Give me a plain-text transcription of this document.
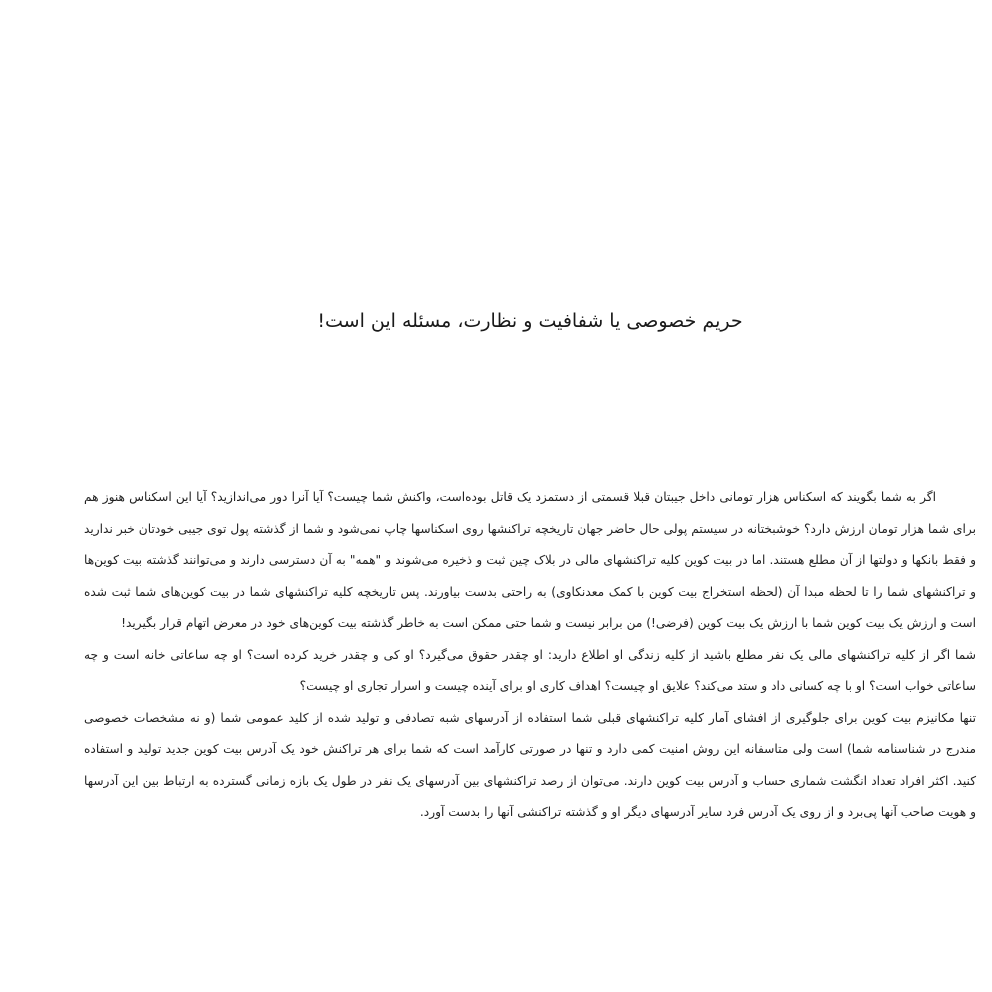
حریم خصوصی یا شفافیت و نظارت، مسئله این است!

اگر به شما بگویند که اسکناس هزار تومانی داخل جیبتان قبلا قسمتی از دستمزد یک قاتل بوده‌است، واکنش شما چیست؟ آیا آنرا دور می‌اندازید؟ آیا این اسکناس هنوز هم برای شما هزار تومان ارزش دارد؟ خوشبختانه در سیستم پولی حال حاضر جهان تاریخچه تراکنشها روی اسکناسها چاپ نمی‌شود و شما از گذشته پول توی جیبی خودتان خبر ندارید و فقط بانکها و دولتها از آن مطلع هستند. اما در بیت کوین کلیه تراکنشهای مالی در بلاک چین ثبت و ذخیره می‌شوند و "همه" به آن دسترسی دارند و می‌توانند گذشته بیت کوین‌ها و تراکنشهای شما را تا لحظه مبدا آن (لحظه استخراج بیت کوین با کمک معدنکاوی) به راحتی بدست بیاورند. پس تاریخچه کلیه تراکنشهای شما در بیت کوین‌های شما ثبت شده است و ارزش یک بیت کوین شما با ارزش یک بیت کوین (فرضی!) من برابر نیست و شما حتی ممکن است به خاطر گذشته بیت کوین‌های خود در معرض اتهام قرار بگیرید!

شما اگر از کلیه تراکنشهای مالی یک نفر مطلع باشید از کلیه زندگی او اطلاع دارید: او چقدر حقوق می‌گیرد؟ او کی و چقدر خرید کرده است؟ او چه ساعاتی خانه است و چه ساعاتی خواب است؟ او با چه کسانی داد و ستد می‌کند؟ علایق او چیست؟ اهداف کاری او برای آینده چیست و اسرار تجاری او چیست؟

تنها مکانیزم بیت کوین برای جلوگیری از افشای آمار کلیه تراکنشهای قبلی شما استفاده از آدرسهای شبه تصادفی و تولید شده از کلید عمومی شما (و نه مشخصات خصوصی مندرج در شناسنامه شما) است ولی متاسفانه این روش امنیت کمی دارد و تنها در صورتی کارآمد است که شما برای هر تراکنش خود یک آدرس بیت کوین جدید تولید و استفاده کنید. اکثر افراد تعداد انگشت شماری حساب و آدرس بیت کوین دارند. می‌توان از رصد تراکنشهای بین آدرسهای یک نفر در طول یک بازه زمانی گسترده به ارتباط بین این آدرسها و هویت صاحب آنها پی‌برد و از روی یک آدرس فرد سایر آدرسهای دیگر او و گذشته تراکنشی آنها را بدست آورد.
